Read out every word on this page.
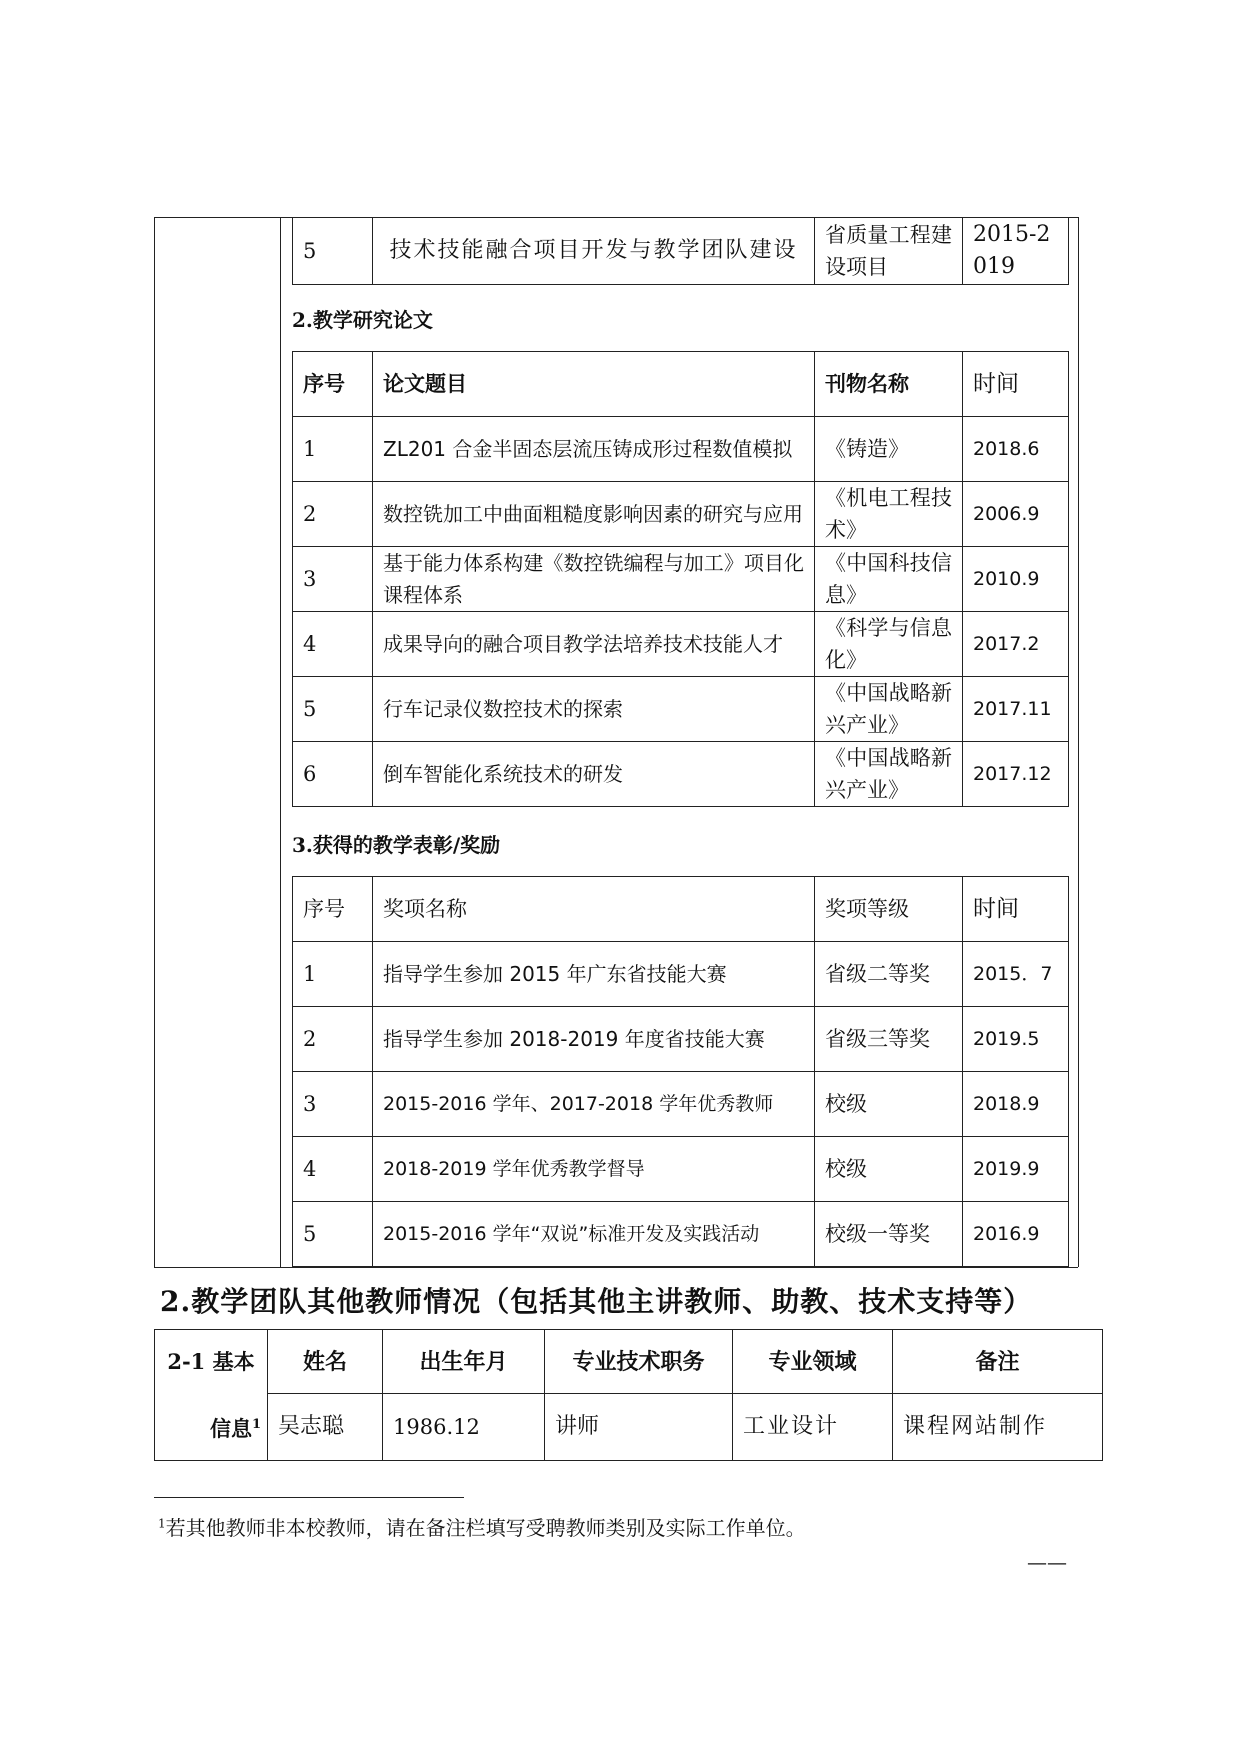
5	技术技能融合项目开发与教学团队建设	省质量工程建设项目	2015-2019
2.教学研究论文
序号	论文题目	刊物名称	时间
1	ZL201 合金半固态层流压铸成形过程数值模拟	《铸造》	2018.6
2	数控铣加工中曲面粗糙度影响因素的研究与应用	《机电工程技术》	2006.9
3	基于能力体系构建《数控铣编程与加工》项目化课程体系	《中国科技信息》	2010.9
4	成果导向的融合项目教学法培养技术技能人才	《科学与信息化》	2017.2
5	行车记录仪数控技术的探索	《中国战略新兴产业》	2017.11
6	倒车智能化系统技术的研发	《中国战略新兴产业》	2017.12
3.获得的教学表彰/奖励
序号	奖项名称	奖项等级	时间
1	指导学生参加 2015 年广东省技能大赛	省级二等奖	2015．7
2	指导学生参加 2018-2019 年度省技能大赛	省级三等奖	2019.5
3	2015-2016 学年、2017-2018 学年优秀教师	校级	2018.9
4	2018-2019 学年优秀教学督导	校级	2019.9
5	2015-2016 学年“双说”标准开发及实践活动	校级一等奖	2016.9
2.教学团队其他教师情况（包括其他主讲教师、助教、技术支持等）
2-1 基本	姓名	出生年月	专业技术职务	专业领域	备注
信息$^1$	吴志聪	1986.12	讲师	工业设计	课程网站制作
$^1$若其他教师非本校教师，请在备注栏填写受聘教师类别及实际工作单位。
——
